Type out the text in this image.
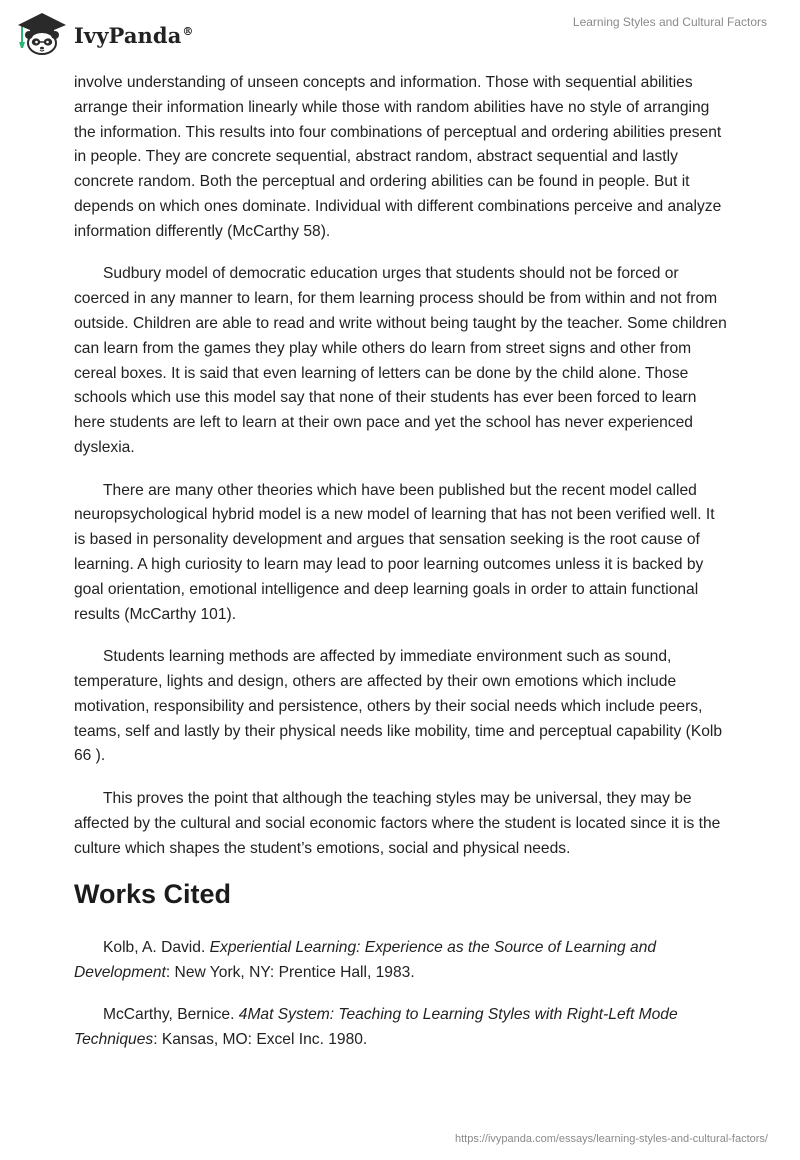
IvyPanda®
Learning Styles and Cultural Factors

involve understanding of unseen concepts and information. Those with sequential abilities arrange their information linearly while those with random abilities have no style of arranging the information. This results into four combinations of perceptual and ordering abilities present in people. They are concrete sequential, abstract random, abstract sequential and lastly concrete random. Both the perceptual and ordering abilities can be found in people. But it depends on which ones dominate. Individual with different combinations perceive and analyze information differently (McCarthy 58).

Sudbury model of democratic education urges that students should not be forced or coerced in any manner to learn, for them learning process should be from within and not from outside. Children are able to read and write without being taught by the teacher. Some children can learn from the games they play while others do learn from street signs and other from cereal boxes. It is said that even learning of letters can be done by the child alone. Those schools which use this model say that none of their students has ever been forced to learn here students are left to learn at their own pace and yet the school has never experienced dyslexia.

There are many other theories which have been published but the recent model called neuropsychological hybrid model is a new model of learning that has not been verified well. It is based in personality development and argues that sensation seeking is the root cause of learning. A high curiosity to learn may lead to poor learning outcomes unless it is backed by goal orientation, emotional intelligence and deep learning goals in order to attain functional results (McCarthy 101).

Students learning methods are affected by immediate environment such as sound, temperature, lights and design, others are affected by their own emotions which include motivation, responsibility and persistence, others by their social needs which include peers, teams, self and lastly by their physical needs like mobility, time and perceptual capability (Kolb 66 ).

This proves the point that although the teaching styles may be universal, they may be affected by the cultural and social economic factors where the student is located since it is the culture which shapes the student’s emotions, social and physical needs.

Works Cited

Kolb, A. David. Experiential Learning: Experience as the Source of Learning and Development: New York, NY: Prentice Hall, 1983.

McCarthy, Bernice. 4Mat System: Teaching to Learning Styles with Right-Left Mode Techniques: Kansas, MO: Excel Inc. 1980.

https://ivypanda.com/essays/learning-styles-and-cultural-factors/
